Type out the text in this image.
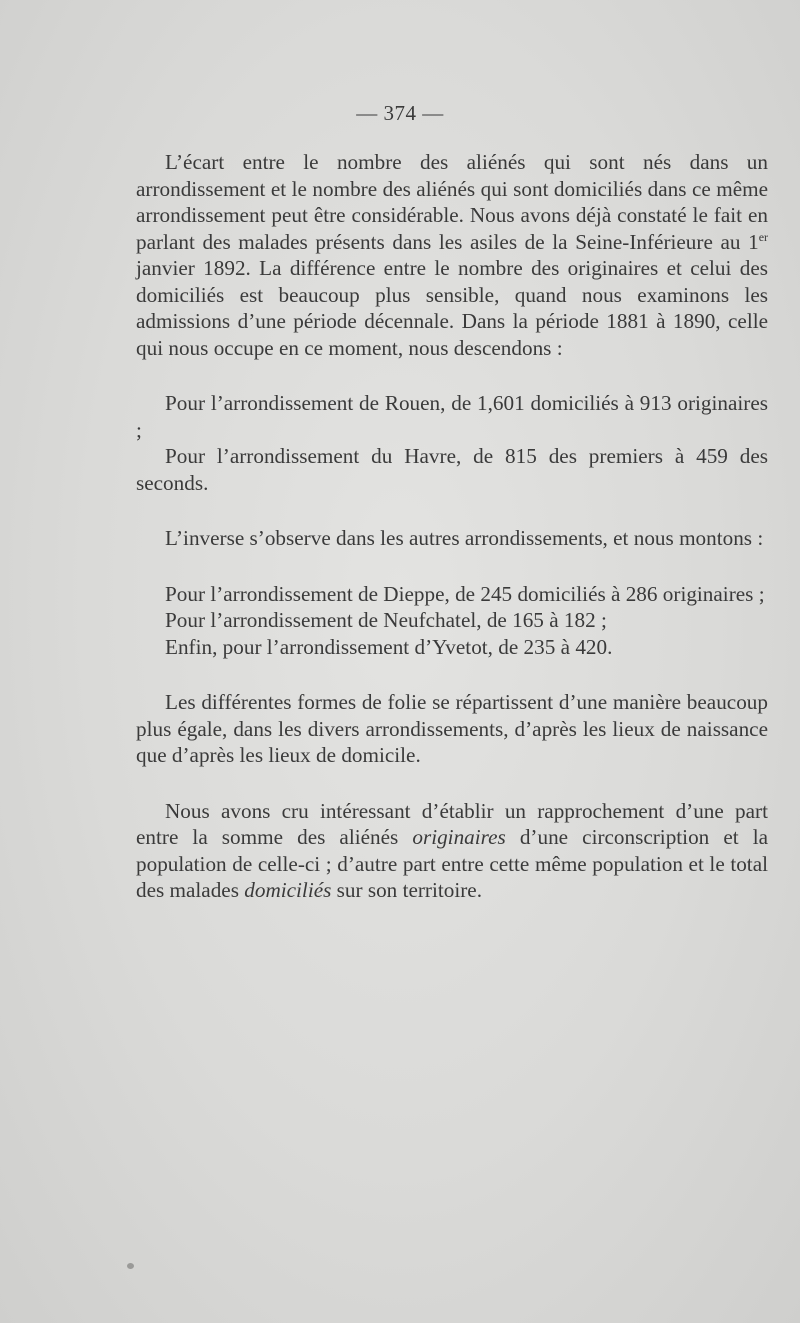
— 374 —

L’écart entre le nombre des aliénés qui sont nés dans un arrondissement et le nombre des aliénés qui sont domiciliés dans ce même arrondissement peut être considérable. Nous avons déjà constaté le fait en parlant des malades présents dans les asiles de la Seine-Inférieure au 1er janvier 1892. La différence entre le nombre des originaires et celui des domiciliés est beaucoup plus sensible, quand nous examinons les admissions d’une période décennale. Dans la période 1881 à 1890, celle qui nous occupe en ce moment, nous descendons :

Pour l’arrondissement de Rouen, de 1,601 domiciliés à 913 originaires ;

Pour l’arrondissement du Havre, de 815 des premiers à 459 des seconds.

L’inverse s’observe dans les autres arrondissements, et nous montons :

Pour l’arrondissement de Dieppe, de 245 domiciliés à 286 originaires ;

Pour l’arrondissement de Neufchatel, de 165 à 182 ;

Enfin, pour l’arrondissement d’Yvetot, de 235 à 420.

Les différentes formes de folie se répartissent d’une manière beaucoup plus égale, dans les divers arrondissements, d’après les lieux de naissance que d’après les lieux de domicile.

Nous avons cru intéressant d’établir un rapprochement d’une part entre la somme des aliénés originaires d’une circonscription et la population de celle-ci ; d’autre part entre cette même population et le total des malades domiciliés sur son territoire.
